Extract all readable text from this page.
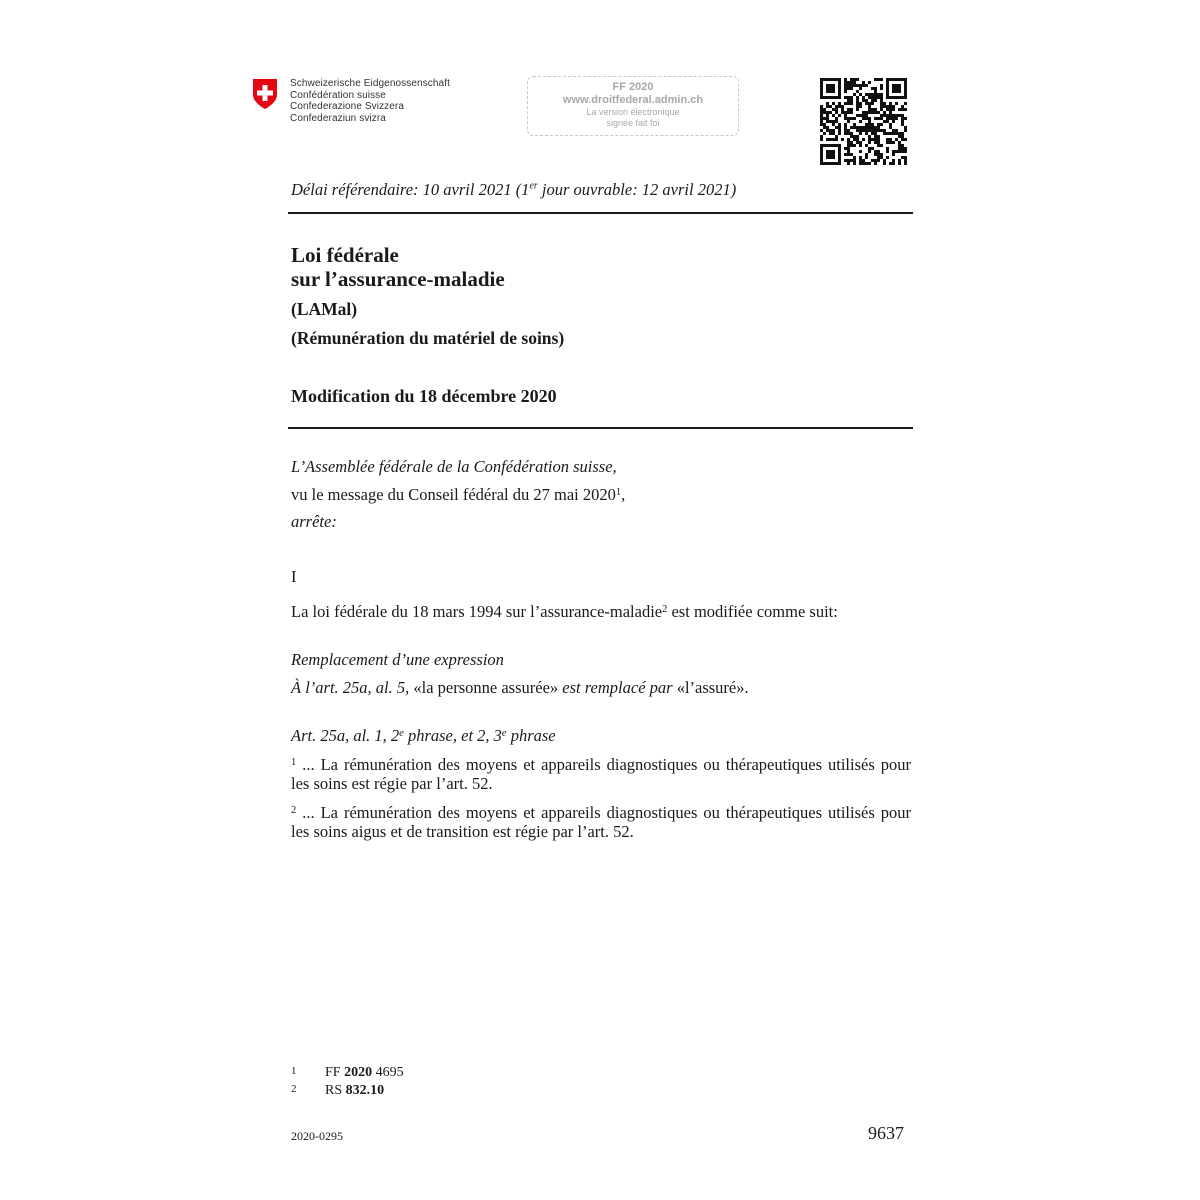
Schweizerische Eidgenossenschaft
Confédération suisse
Confederazione Svizzera
Confederaziun svizra
FF 2020
www.droitfederal.admin.ch
La version électronique
signée fait foi
Délai référendaire: 10 avril 2021 (1er jour ouvrable: 12 avril 2021)
Loi fédérale
sur l’assurance-maladie
(LAMal)
(Rémunération du matériel de soins)
Modification du 18 décembre 2020
L’Assemblée fédérale de la Confédération suisse,
vu le message du Conseil fédéral du 27 mai 2020$^1$,
arrête:
I
La loi fédérale du 18 mars 1994 sur l’assurance-maladie$^2$ est modifiée comme suit:
Remplacement d’une expression
À l’art. 25a, al. 5, «la personne assurée» est remplacé par «l’assuré».
Art. 25a, al. 1, 2e phrase, et 2, 3e phrase
$^1$ ... La rémunération des moyens et appareils diagnostiques ou thérapeutiques utilisés pour les soins est régie par l’art. 52.
$^2$ ... La rémunération des moyens et appareils diagnostiques ou thérapeutiques utilisés pour les soins aigus et de transition est régie par l’art. 52.
1 FF 2020 4695
2 RS 832.10
2020-0295	9637
